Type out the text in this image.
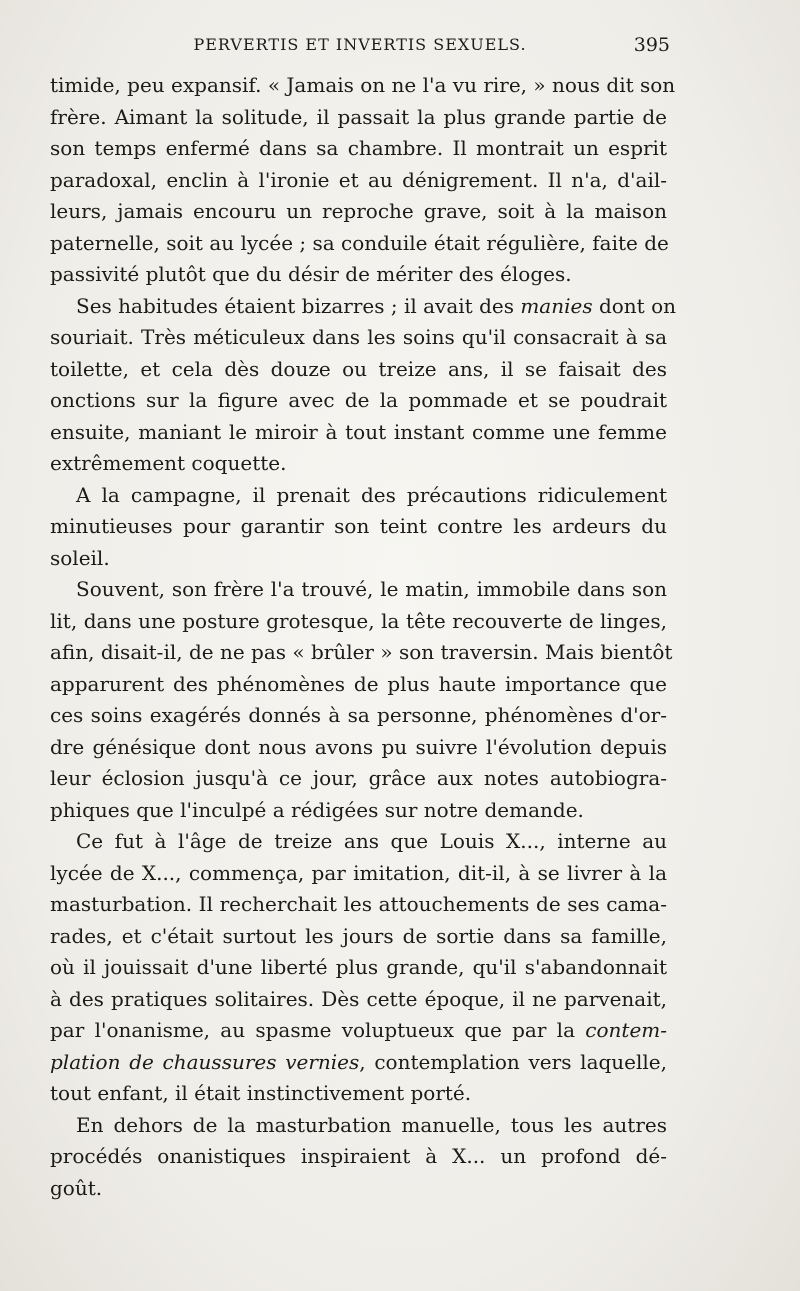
PERVERTIS ET INVERTIS SEXUELS.	395
timide, peu expansif. « Jamais on ne l'a vu rire, » nous dit son
frère. Aimant la solitude, il passait la plus grande partie de
son temps enfermé dans sa chambre. Il montrait un esprit
paradoxal, enclin à l'ironie et au dénigrement. Il n'a, d'ail-
leurs, jamais encouru un reproche grave, soit à la maison
paternelle, soit au lycée ; sa conduile était régulière, faite de
passivité plutôt que du désir de mériter des éloges.
Ses habitudes étaient bizarres ; il avait des manies dont on
souriait. Très méticuleux dans les soins qu'il consacrait à sa
toilette, et cela dès douze ou treize ans, il se faisait des
onctions sur la figure avec de la pommade et se poudrait
ensuite, maniant le miroir à tout instant comme une femme
extrêmement coquette.
A la campagne, il prenait des précautions ridiculement
minutieuses pour garantir son teint contre les ardeurs du
soleil.
Souvent, son frère l'a trouvé, le matin, immobile dans son
lit, dans une posture grotesque, la tête recouverte de linges,
afin, disait-il, de ne pas « brûler » son traversin. Mais bientôt
apparurent des phénomènes de plus haute importance que
ces soins exagérés donnés à sa personne, phénomènes d'or-
dre génésique dont nous avons pu suivre l'évolution depuis
leur éclosion jusqu'à ce jour, grâce aux notes autobiogra-
phiques que l'inculpé a rédigées sur notre demande.
Ce fut à l'âge de treize ans que Louis X..., interne au
lycée de X..., commença, par imitation, dit-il, à se livrer à la
masturbation. Il recherchait les attouchements de ses cama-
rades, et c'était surtout les jours de sortie dans sa famille,
où il jouissait d'une liberté plus grande, qu'il s'abandonnait
à des pratiques solitaires. Dès cette époque, il ne parvenait,
par l'onanisme, au spasme voluptueux que par la contem-
plation de chaussures vernies, contemplation vers laquelle,
tout enfant, il était instinctivement porté.
En dehors de la masturbation manuelle, tous les autres
procédés onanistiques inspiraient à X... un profond dé-
goût.
